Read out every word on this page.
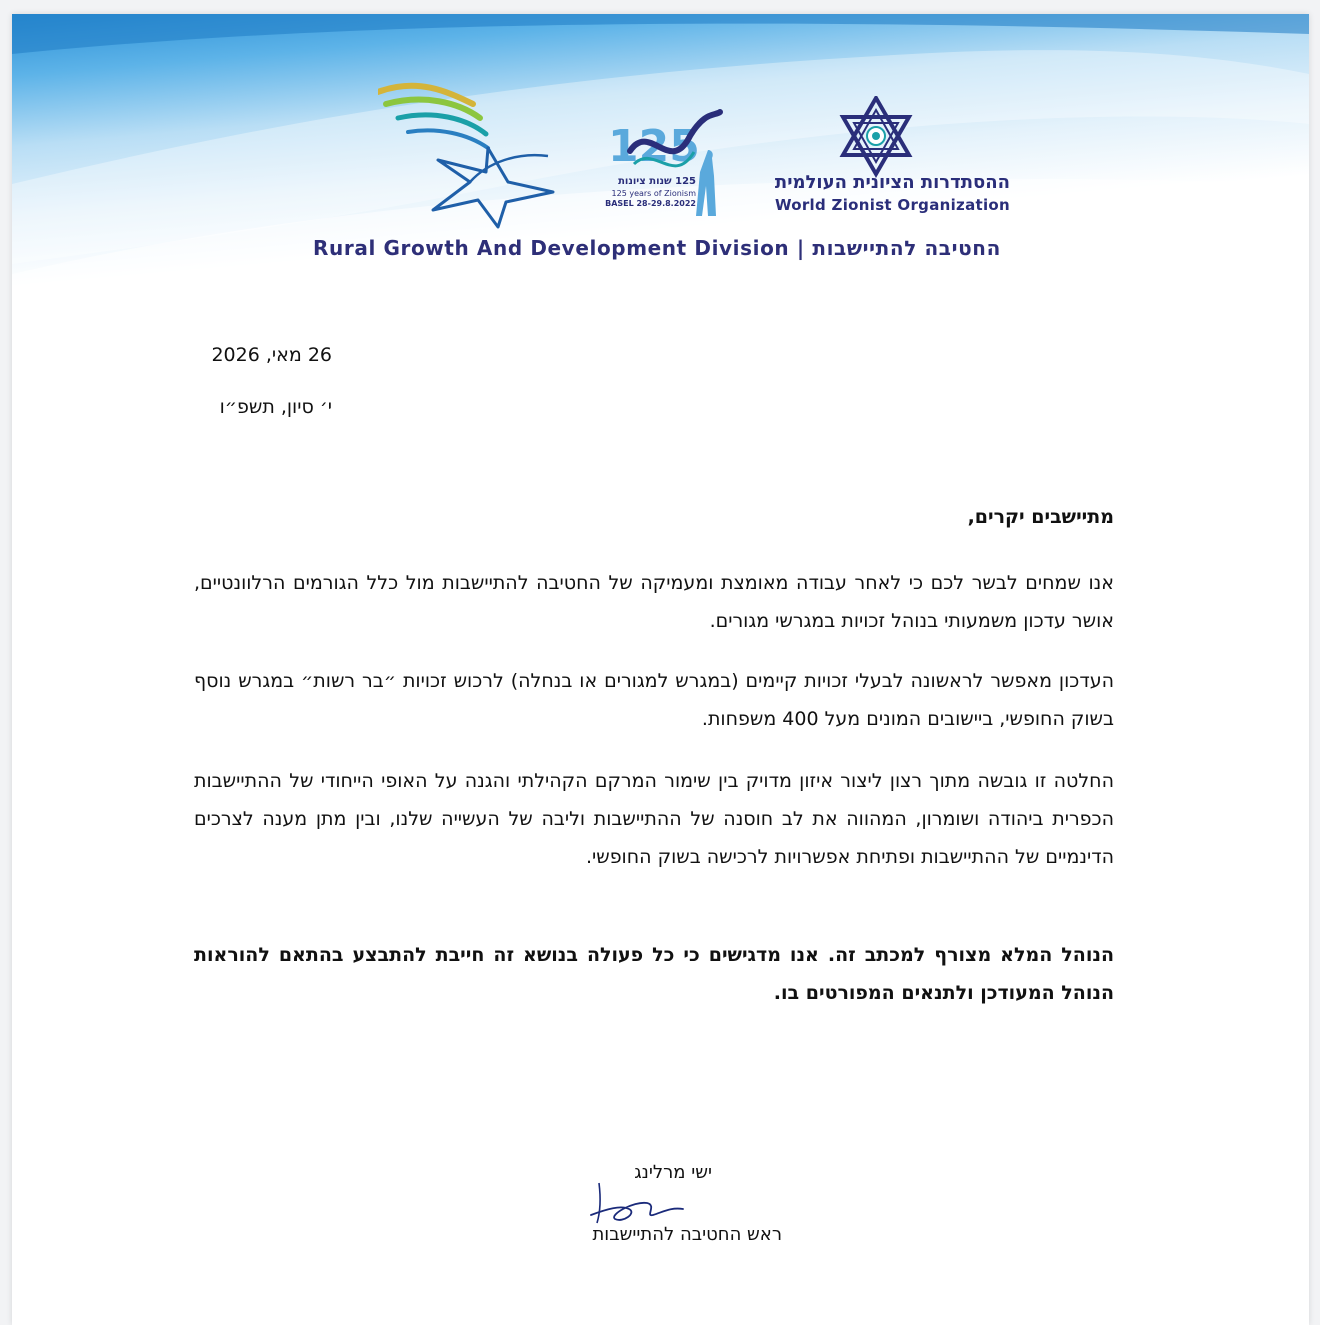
125
125 שנות ציונות
125 years of Zionism
BASEL 28-29.8.2022
ההסתדרות הציונית העולמית
World Zionist Organization
Rural Growth And Development Division | החטיבה להתיישבות
26 מאי, 2026
י׳ סיון, תשפ״ו
מתיישבים יקרים,
אנו שמחים לבשר לכם כי לאחר עבודה מאומצת ומעמיקה של החטיבה להתיישבות מול כלל הגורמים הרלוונטיים, אושר עדכון משמעותי בנוהל זכויות במגרשי מגורים.
העדכון מאפשר לראשונה לבעלי זכויות קיימים (במגרש למגורים או בנחלה) לרכוש זכויות ״בר רשות״ במגרש נוסף בשוק החופשי, ביישובים המונים מעל 400 משפחות.
החלטה זו גובשה מתוך רצון ליצור איזון מדויק בין שימור המרקם הקהילתי והגנה על האופי הייחודי של ההתיישבות הכפרית ביהודה ושומרון, המהווה את לב חוסנה של ההתיישבות וליבה של העשייה שלנו, ובין מתן מענה לצרכים הדינמיים של ההתיישבות ופתיחת אפשרויות לרכישה בשוק החופשי.
הנוהל המלא מצורף למכתב זה. אנו מדגישים כי כל פעולה בנושא זה חייבת להתבצע בהתאם להוראות הנוהל המעודכן ולתנאים המפורטים בו.
ישי מרלינג
ראש החטיבה להתיישבות
